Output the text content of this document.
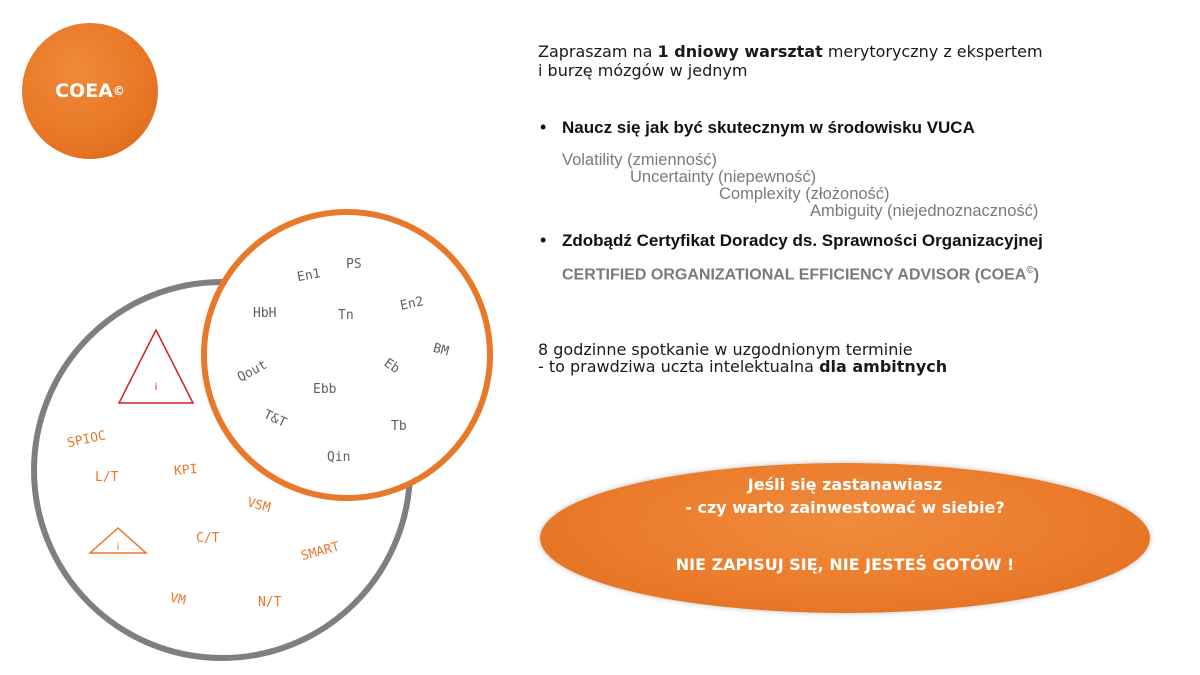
COEA ©
i
i
En1
PS
En2
HbH	Tn
BM
Qout	Eb
Ebb
T&T	Tb
Qin
SPIOC
L/T	KPI
VSM
C/T
SMART
VM	N/T
Zapraszam na 1 dniowy warsztat merytoryczny z ekspertem
i burzę mózgów w jednym
• Naucz się jak być skutecznym w środowisku VUCA
Volatility (zmienność)
Uncertainty (niepewność)
Complexity (złożoność)
Ambiguity (niejednoznaczność)
• Zdobądź Certyfikat Doradcy ds. Sprawności Organizacyjnej
CERTIFIED ORGANIZATIONAL EFFICIENCY ADVISOR (COEA©)
8 godzinne spotkanie w uzgodnionym terminie
- to prawdziwa uczta intelektualna dla ambitnych
Jeśli się zastanawiasz
- czy warto zainwestować w siebie?
NIE ZAPISUJ SIĘ, NIE JESTEŚ GOTÓW !
